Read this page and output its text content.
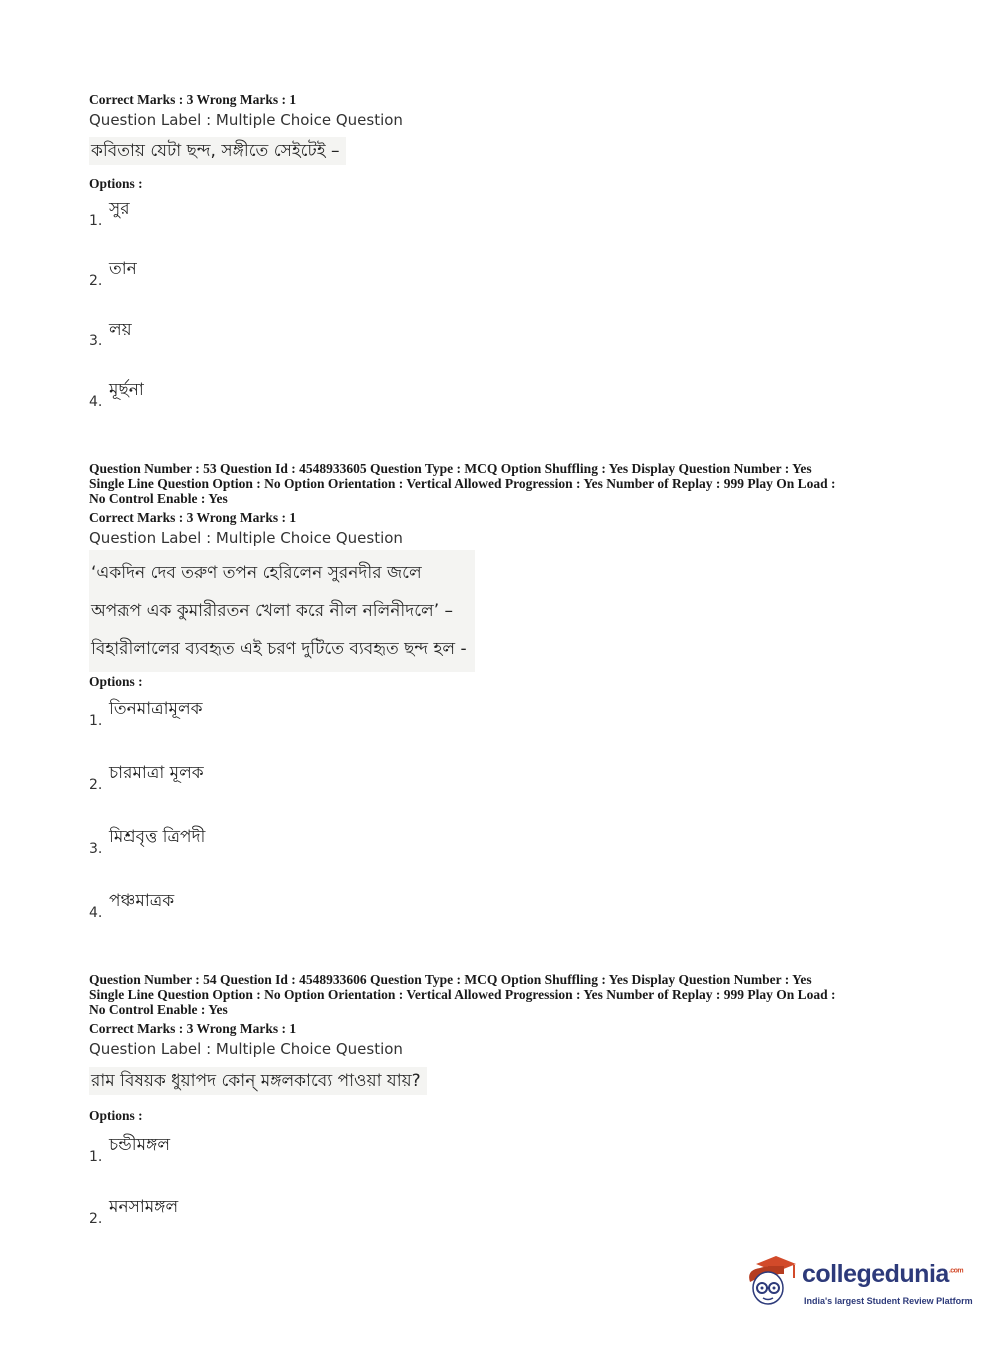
Correct Marks : 3 Wrong Marks : 1
Question Label : Multiple Choice Question
কবিতায় যেটা ছন্দ, সঙ্গীতে সেইটেই –
Options :
1.
সুর
2.
তান
3.
লয়
4.
মূর্ছনা
Question Number : 53 Question Id : 4548933605 Question Type : MCQ Option Shuffling : Yes Display Question Number : Yes
Single Line Question Option : No Option Orientation : Vertical Allowed Progression : Yes Number of Replay : 999 Play On Load :
No Control Enable : Yes
Correct Marks : 3 Wrong Marks : 1
Question Label : Multiple Choice Question
‘একদিন দেব তরুণ তপন হেরিলেন সুরনদীর জলে
অপরূপ এক কুমারীরতন খেলা করে নীল নলিনীদলে’ –
বিহারীলালের ব্যবহৃত এই চরণ দুটিতে ব্যবহৃত ছন্দ হল -
Options :
1.
তিনমাত্রামূলক
2.
চারমাত্রা মূলক
3.
মিশ্রবৃত্ত ত্রিপদী
4.
পঞ্চমাত্রক
Question Number : 54 Question Id : 4548933606 Question Type : MCQ Option Shuffling : Yes Display Question Number : Yes
Single Line Question Option : No Option Orientation : Vertical Allowed Progression : Yes Number of Replay : 999 Play On Load :
No Control Enable : Yes
Correct Marks : 3 Wrong Marks : 1
Question Label : Multiple Choice Question
রাম বিষয়ক ধুয়াপদ কোন্ মঙ্গলকাব্যে পাওয়া যায়?
Options :
1.
চন্ডীমঙ্গল
2.
মনসামঙ্গল
collegedunia$^{.com}$
India's largest Student Review Platform
